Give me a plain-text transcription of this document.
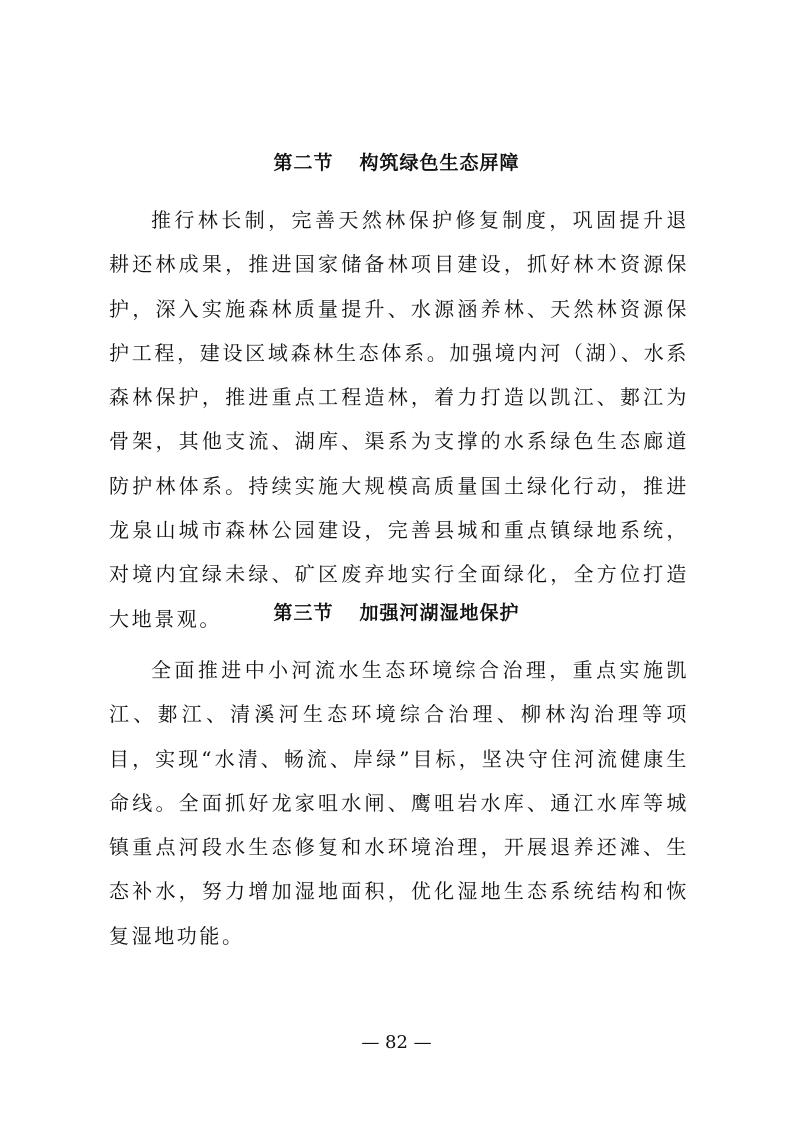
第二节 构筑绿色生态屏障

推行林长制，完善天然林保护修复制度，巩固提升退耕还林成果，推进国家储备林项目建设，抓好林木资源保护，深入实施森林质量提升、水源涵养林、天然林资源保护工程，建设区域森林生态体系。加强境内河（湖）、水系森林保护，推进重点工程造林，着力打造以凯江、郪江为骨架，其他支流、湖库、渠系为支撑的水系绿色生态廊道防护林体系。持续实施大规模高质量国土绿化行动，推进龙泉山城市森林公园建设，完善县城和重点镇绿地系统，对境内宜绿未绿、矿区废弃地实行全面绿化，全方位打造大地景观。	第三节 加强河湖湿地保护

全面推进中小河流水生态环境综合治理，重点实施凯江、郪江、清溪河生态环境综合治理、柳林沟治理等项目，实现“水清、畅流、岸绿”目标，坚决守住河流健康生命线。全面抓好龙家咀水闸、鹰咀岩水库、通江水库等城镇重点河段水生态修复和水环境治理，开展退养还滩、生态补水，努力增加湿地面积，优化湿地生态系统结构和恢复湿地功能。

— 82 —
